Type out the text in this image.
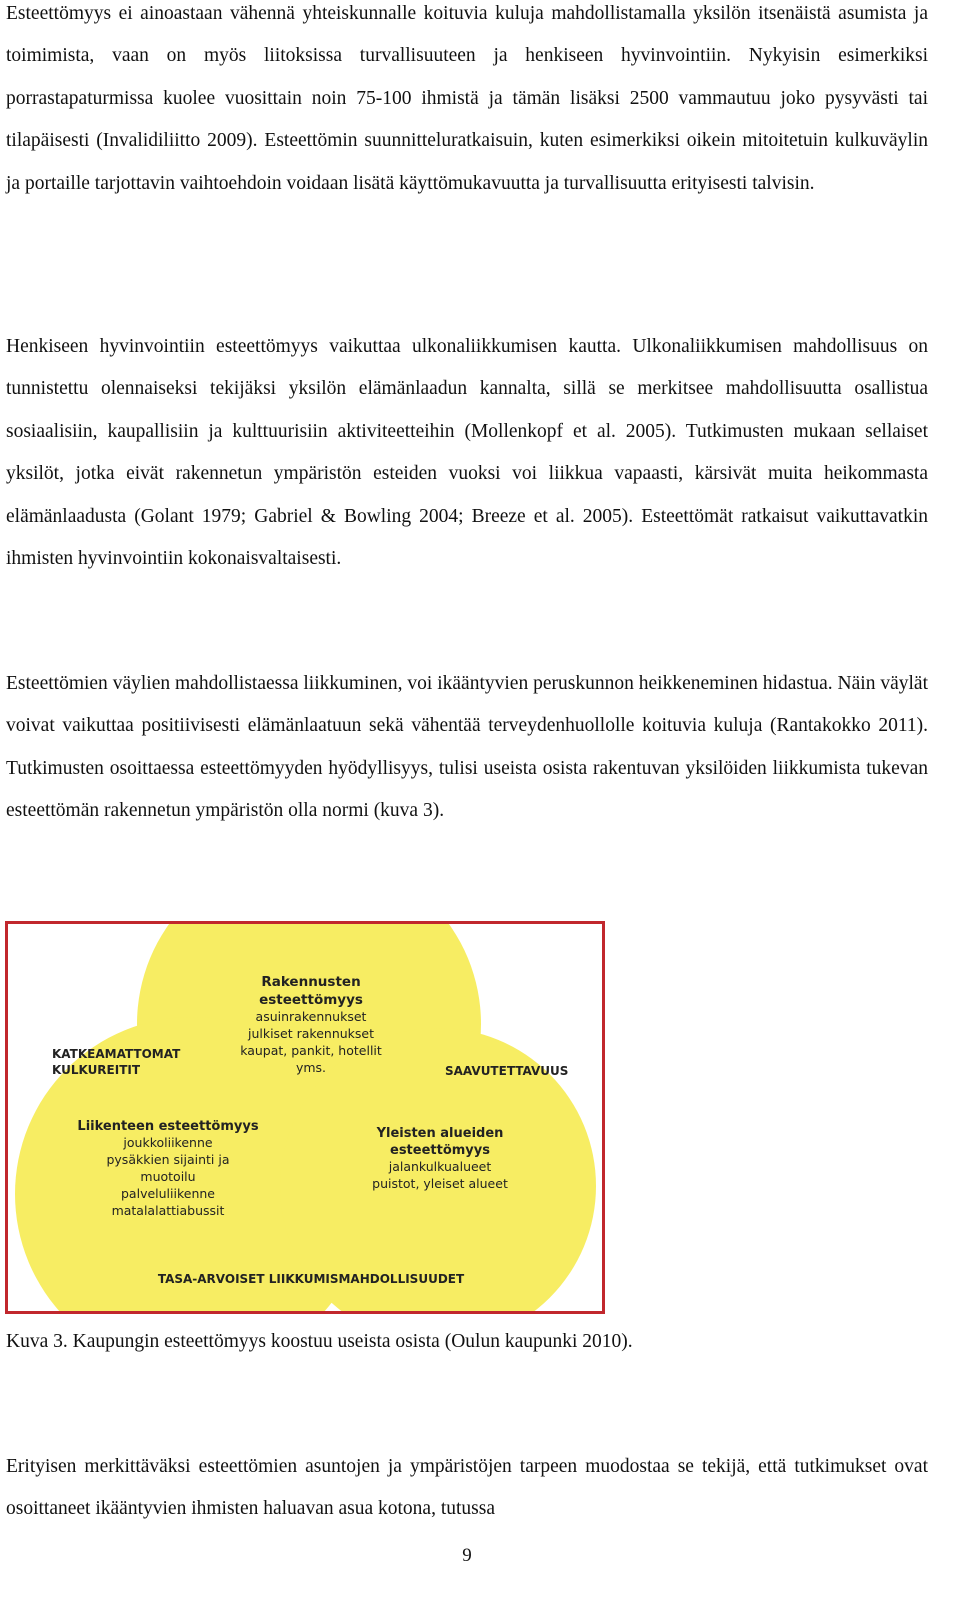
Esteettömyys ei ainoastaan vähennä yhteiskunnalle koituvia kuluja mahdollistamalla yksilön itsenäistä asumista ja toimimista, vaan on myös liitoksissa turvallisuuteen ja henkiseen hyvinvointiin. Nykyisin esimerkiksi porrastapaturmissa kuolee vuosittain noin 75-100 ihmistä ja tämän lisäksi 2500 vammautuu joko pysyvästi tai tilapäisesti (Invalidiliitto 2009). Esteettömin suunnitteluratkaisuin, kuten esimerkiksi oikein mitoitetuin kulkuväylin ja portaille tarjottavin vaihtoehdoin voidaan lisätä käyttömukavuutta ja turvallisuutta erityisesti talvisin.

Henkiseen hyvinvointiin esteettömyys vaikuttaa ulkonaliikkumisen kautta. Ulkonaliikkumisen mahdollisuus on tunnistettu olennaiseksi tekijäksi yksilön elämänlaadun kannalta, sillä se merkitsee mahdollisuutta osallistua sosiaalisiin, kaupallisiin ja kulttuurisiin aktiviteetteihin (Mollenkopf et al. 2005). Tutkimusten mukaan sellaiset yksilöt, jotka eivät rakennetun ympäristön esteiden vuoksi voi liikkua vapaasti, kärsivät muita heikommasta elämänlaadusta (Golant 1979; Gabriel & Bowling 2004; Breeze et al. 2005). Esteettömät ratkaisut vaikuttavatkin ihmisten hyvinvointiin kokonaisvaltaisesti.

Esteettömien väylien mahdollistaessa liikkuminen, voi ikääntyvien peruskunnon heikkeneminen hidastua. Näin väylät voivat vaikuttaa positiivisesti elämänlaatuun sekä vähentää terveydenhuollolle koituvia kuluja (Rantakokko 2011). Tutkimusten osoittaessa esteettömyyden hyödyllisyys, tulisi useista osista rakentuvan yksilöiden liikkumista tukevan esteettömän rakennetun ympäristön olla normi (kuva 3).

Rakennusten
esteettömyys
asuinrakennukset
julkiset rakennukset
kaupat, pankit, hotellit
yms.
Liikenteen esteettömyys
joukkoliikenne
pysäkkien sijainti ja
muotoilu
palveluliikenne
matalalattiabussit
Yleisten alueiden
esteettömyys
jalankulkualueet
puistot, yleiset alueet
KATKEAMATTOMAT
KULKUREITIT	SAAVUTETTAVUUS
TASA-ARVOISET LIIKKUMISMAHDOLLISUUDET

Kuva 3. Kaupungin esteettömyys koostuu useista osista (Oulun kaupunki 2010).

Erityisen merkittäväksi esteettömien asuntojen ja ympäristöjen tarpeen muodostaa se tekijä, että tutkimukset ovat osoittaneet ikääntyvien ihmisten haluavan asua kotona, tutussa

9
